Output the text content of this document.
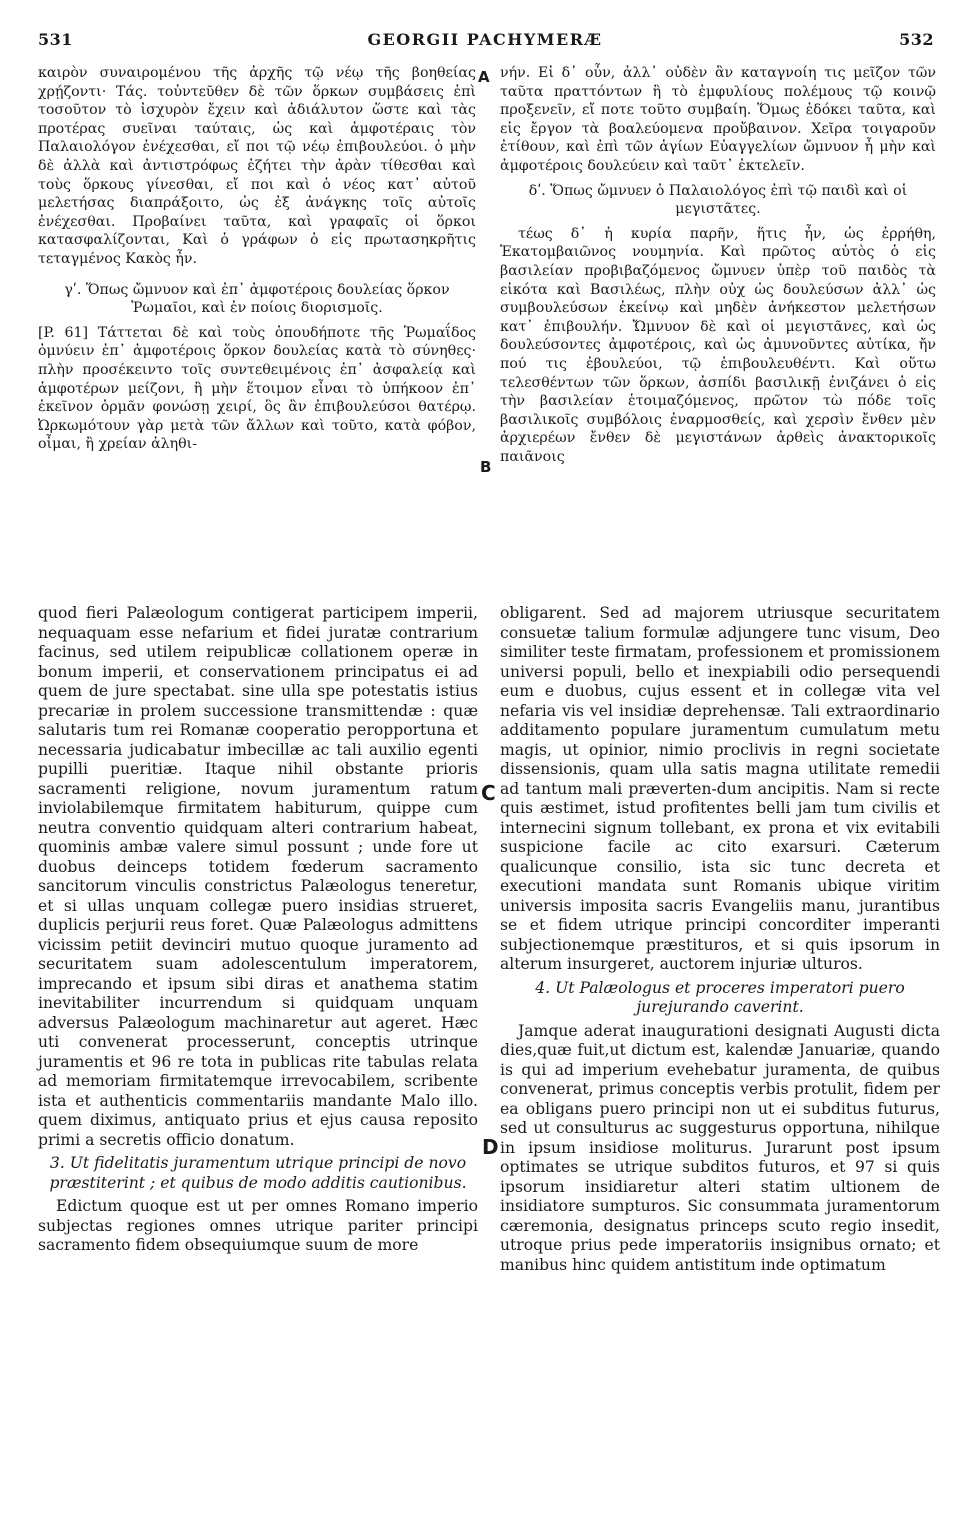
531	GEORGII PACHYMERÆ	532

καιρὸν συναιρομένου τῆς ἀρχῆς τῷ νέῳ τῆς βοηθείας χρῄζοντι· Τάς. τοὐντεῦθεν δὲ τῶν ὅρκων συμβάσεις ἐπὶ τοσοῦτον τὸ ἰσχυρὸν ἔχειν καὶ ἀδιάλυτον ὥστε καὶ τὰς προτέρας συεῖναι ταύταις, ὡς καὶ ἀμφοτέραις τὸν Παλαιολόγον ἐνέχεσθαι, εἴ ποι τῷ νέῳ ἐπιβουλεύοι. ὁ μὴν δὲ ἀλλὰ καὶ ἀντιστρόφως ἐζήτει τὴν ἀρὰν τίθεσθαι καὶ τοὺς ὅρκους γίνεσθαι, εἴ ποι καὶ ὁ νέος κατ᾽ αὐτοῦ μελετήσας διαπράξοιτο, ὡς ἐξ ἀνάγκης τοῖς αὐτοῖς ἐνέχεσθαι. Προβαίνει ταῦτα, καὶ γραφαῖς οἱ ὅρκοι κατασφαλίζονται, Καὶ ὁ γράφων ὁ εἰς πρωτασηκρῆτις τεταγμένος Κακὸς ἦν.

γʹ. Ὅπως ὤμνυον καὶ ἐπ᾽ ἀμφοτέροις δουλείας ὅρκον Ῥωμαῖοι, καὶ ἐν ποίοις διορισμοῖς.

[P. 61] Τάττεται δὲ καὶ τοὺς ὁπουδήποτε τῆς Ῥωμαΐδος ὀμνύειν ἐπ᾽ ἀμφοτέροις ὅρκον δουλείας κατὰ τὸ σύνηθες· πλὴν προσέκειντο τοῖς συντεθειμένοις ἐπ᾽ ἀσφαλείᾳ καὶ ἀμφοτέρων μείζονι, ἢ μὴν ἕτοιμον εἶναι τὸ ὑπήκοον ἐπ᾽ ἐκεῖνον ὁρμᾶν φονώσῃ χειρί, ὃς ἂν ἐπιβουλεύσοι θατέρῳ. Ὠρκωμότουν γὰρ μετὰ τῶν ἄλλων καὶ τοῦτο, κατὰ φόβον, οἶμαι, ἢ χρείαν ἀληθι-

νήν. Εἰ δ᾽ οὖν, ἀλλ᾽ οὐδὲν ἂν καταγνοίη τις μεῖζον τῶν ταῦτα πραττόντων ἢ τὸ ἐμφυλίους πολέμους τῷ κοινῷ προξενεῖν, εἴ ποτε τοῦτο συμβαίη. Ὅμως ἐδόκει ταῦτα, καὶ εἰς ἔργον τὰ βοαλεύομενα προὔβαινον. Χεῖρα τοιγαροῦν ἐτίθουν, καὶ ἐπὶ τῶν ἁγίων Εὐαγγελίων ὤμνυον ἦ μὴν καὶ ἀμφοτέροις δουλεύειν καὶ ταῦτ᾽ ἐκτελεῖν.

δʹ. Ὅπως ὤμνυεν ὁ Παλαιολόγος ἐπὶ τῷ παιδὶ καὶ οἱ μεγιστᾶτες.

τέως δ᾽ ἡ κυρία παρῆν, ἥτις ἦν, ὡς ἐρρήθη, Ἑκατομβαιῶνος νουμηνία. Καὶ πρῶτος αὐτὸς ὁ εἰς βασιλείαν προβιβαζόμενος ὤμνυεν ὑπὲρ τοῦ παιδὸς τὰ εἰκότα καὶ Βασιλέως, πλὴν οὐχ ὡς δουλεύσων ἀλλ᾽ ὡς συμβουλεύσων ἐκείνῳ καὶ μηδὲν ἀνήκεστον μελετήσων κατ᾽ ἐπιβουλήν. Ὤμνυον δὲ καὶ οἱ μεγιστᾶνες, καὶ ὡς δουλεύσοντες ἀμφοτέροις, καὶ ὡς ἀμυνοῦντες αὐτίκα, ἤν πού τις ἐβουλεύοι, τῷ ἐπιβουλευθέντι. Καὶ οὕτω τελεσθέντων τῶν ὅρκων, ἀσπίδι βασιλικῇ ἐνιζάνει ὁ εἰς τὴν βασιλείαν ἑτοιμαζόμενος, πρῶτον τὼ πόδε τοῖς βασιλικοῖς συμβόλοις ἐναρμοσθείς, καὶ χερσὶν ἔνθεν μὲν ἀρχιερέων ἔνθεν δὲ μεγιστάνων ἀρθεὶς ἀνακτορικοῖς παιᾶνοις

A
B

quod fieri Palæologum contigerat participem imperii, nequaquam esse nefarium et fidei juratæ contrarium facinus, sed utilem reipublicæ collationem operæ in bonum imperii, et conservationem principatus ei ad quem de jure spectabat. sine ulla spe potestatis istius precariæ in prolem successione transmittendæ : quæ salutaris tum rei Romanæ cooperatio peropportuna et necessaria judicabatur imbecillæ ac tali auxilio egenti pupilli pueritiæ. Itaque nihil obstante prioris sacramenti religione, novum juramentum ratum inviolabilemque firmitatem habiturum, quippe cum neutra conventio quidquam alteri contrarium habeat, quominis ambæ valere simul possunt ; unde fore ut duobus deinceps totidem fœderum sacramento sancitorum vinculis constrictus Palæologus teneretur, et si ullas unquam collegæ puero insidias strueret, duplicis perjurii reus foret. Quæ Palæologus admittens vicissim petiit devinciri mutuo quoque juramento ad securitatem suam adolescentulum imperatorem, imprecando et ipsum sibi diras et anathema statim inevitabiliter incurrendum si quidquam unquam adversus Palæologum machinaretur aut ageret. Hæc uti convenerat processerunt, conceptis utrinque juramentis et 96 re tota in publicas rite tabulas relata ad memoriam firmitatemque irrevocabilem, scribente ista et authenticis commentariis mandante Malo illo. quem diximus, antiquato prius et ejus causa reposito primi a secretis officio donatum.

3. Ut fidelitatis juramentum utrique principi de novo præstiterint ; et quibus de modo additis cautionibus.

Edictum quoque est ut per omnes Romano imperio subjectas regiones omnes utrique pariter principi sacramento fidem obsequiumque suum de more

obligarent. Sed ad majorem utriusque securitatem consuetæ talium formulæ adjungere tunc visum, Deo similiter teste firmatam, professionem et promissionem universi populi, bello et inexpiabili odio persequendi eum e duobus, cujus essent et in collegæ vita vel nefaria vis vel insidiæ deprehensæ. Tali extraordinario additamento populare juramentum cumulatum metu magis, ut opinior, nimio proclivis in regni societate dissensionis, quam ulla satis magna utilitate remedii ad tantum mali præverten-dum ancipitis. Nam si recte quis æstimet, istud profitentes belli jam tum civilis et internecini signum tollebant, ex prona et vix evitabili suspicione facile ac cito exarsuri. Cæterum qualicunque consilio, ista sic tunc decreta et executioni mandata sunt Romanis ubique viritim universis imposita sacris Evangeliis manu, jurantibus se et fidem utrique principi concorditer imperanti subjectionemque præstituros, et si quis ipsorum in alterum insurgeret, auctorem injuriæ ulturos.

4. Ut Palæologus et proceres imperatori puero jurejurando caverint.

Jamque aderat inaugurationi designati Augusti dicta dies,quæ fuit,ut dictum est, kalendæ Januariæ, quando is qui ad imperium evehebatur juramenta, de quibus convenerat, primus conceptis verbis protulit, fidem per ea obligans puero principi non ut ei subditus futurus, sed ut consulturus ac suggesturus opportuna, nihilque in ipsum insidiose moliturus. Jurarunt post ipsum optimates se utrique subditos futuros, et 97 si quis ipsorum insidiaretur alteri statim ultionem de insidiatore sumpturos. Sic consummata juramentorum cæremonia, designatus princeps scuto regio insedit, utroque prius pede imperatoriis insignibus ornato; et manibus hinc quidem antistitum inde optimatum

C
D
